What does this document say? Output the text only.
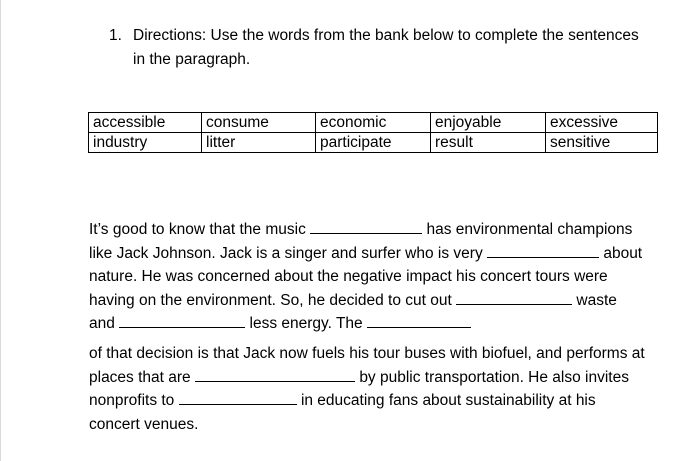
1. Directions: Use the words from the bank below to complete the sentences
in the paragraph.
accessible	consume	economic	enjoyable	excessive
industry	litter	participate	result	sensitive
It’s good to know that the music	has environmental champions
like Jack Johnson. Jack is a singer and surfer who is very	about
nature. He was concerned about the negative impact his concert tours were
having on the environment. So, he decided to cut out	waste
and	less energy. The
of that decision is that Jack now fuels his tour buses with biofuel, and performs at
places that are	by public transportation. He also invites
nonprofits to	in educating fans about sustainability at his
concert venues.
